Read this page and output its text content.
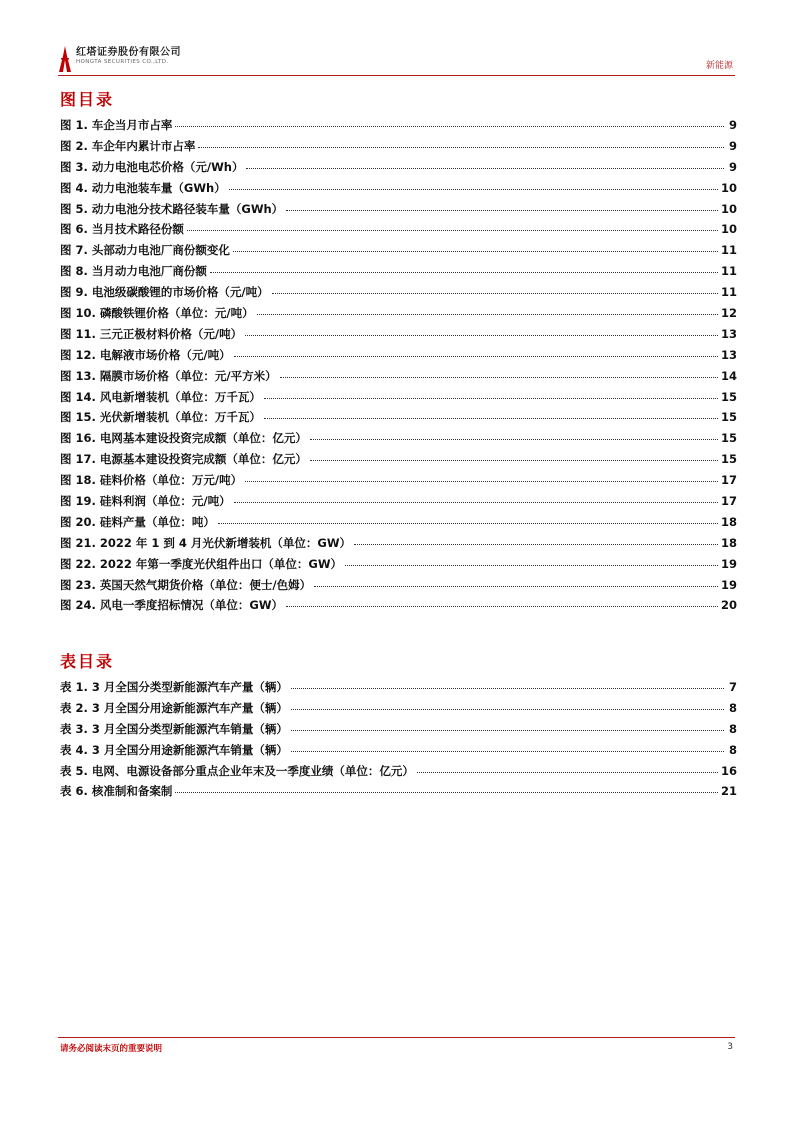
红塔证券股份有限公司
HONGTA SECURITIES CO.,LTD.	新能源
图目录
图 1. 车企当月市占率	9
图 2. 车企年内累计市占率	9
图 3. 动力电池电芯价格（元/Wh）	9
图 4. 动力电池装车量（GWh）	10
图 5. 动力电池分技术路径装车量（GWh）	10
图 6. 当月技术路径份额	10
图 7. 头部动力电池厂商份额变化	11
图 8. 当月动力电池厂商份额	11
图 9. 电池级碳酸锂的市场价格（元/吨）	11
图 10. 磷酸铁锂价格（单位：元/吨）	12
图 11. 三元正极材料价格（元/吨）	13
图 12. 电解液市场价格（元/吨）	13
图 13. 隔膜市场价格（单位：元/平方米）	14
图 14. 风电新增装机（单位：万千瓦）	15
图 15. 光伏新增装机（单位：万千瓦）	15
图 16. 电网基本建设投资完成额（单位：亿元）	15
图 17. 电源基本建设投资完成额（单位：亿元）	15
图 18. 硅料价格（单位：万元/吨）	17
图 19. 硅料利润（单位：元/吨）	17
图 20. 硅料产量（单位：吨）	18
图 21. 2022 年 1 到 4 月光伏新增装机（单位：GW）	18
图 22. 2022 年第一季度光伏组件出口（单位：GW）	19
图 23. 英国天然气期货价格（单位：便士/色姆）	19
图 24. 风电一季度招标情况（单位：GW）	20
表目录
表 1. 3 月全国分类型新能源汽车产量（辆）	7
表 2. 3 月全国分用途新能源汽车产量（辆）	8
表 3. 3 月全国分类型新能源汽车销量（辆）	8
表 4. 3 月全国分用途新能源汽车销量（辆）	8
表 5. 电网、电源设备部分重点企业年末及一季度业绩（单位：亿元）	16
表 6. 核准制和备案制	21
请务必阅读末页的重要说明	3
